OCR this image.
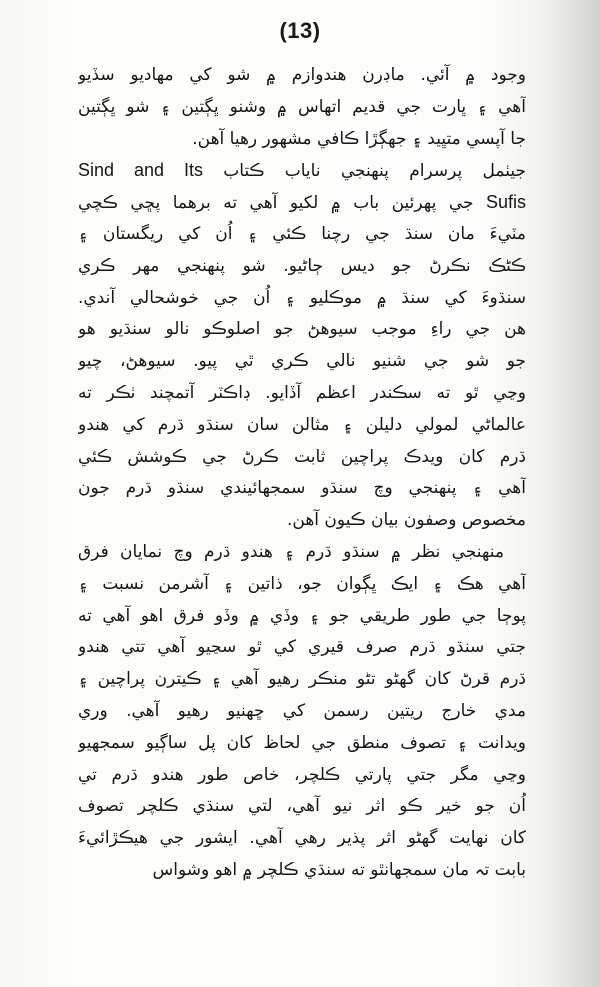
(13)
وجود ۾ آئي. ماڊرن هندوازم ۾ شو کي مهاديو سڏيو
آهي ۽ ڀارت جي قديم اتهاس ۾ وشنو ڀڳتين ۽ شو ڀڳتين
جا آپسي متڀيد ۽ جهڳڙا ڪافي مشهور رهيا آهن.
جيٺمل پرسرام پنهنجي ناياب ڪتاب Sind and Its
Sufis جي پهرئين باب ۾ لکيو آهي ته برهما پڇي ڪچي
مٽيءَ مان سنڌ جي رچنا ڪئي ۽ اُن کي ريگستان ۽
ڪڻڪ نڪرڻ جو ديس ڄاڻيو. شو پنهنجي مهر ڪري
سنڌوءَ کي سنڌ ۾ موڪليو ۽ اُن جي خوشحالي آندي.
هن جي راءِ موجب سيوهڻ جو اصلوڪو نالو سنڌيو هو
جو شو جي شنيو نالي ڪري ٿي پيو. سيوهڻ، چيو
وڃي ٿو ته سڪندر اعظم آڏايو. ڊاڪٽر آتمچند ٺڪر ته
عالماڻي لمولي دليلن ۽ مثالن سان سنڌو ڌرم کي هندو
ڌرم کان ويدڪ پراچين ثابت ڪرڻ جي ڪوشش ڪئي
آهي ۽ پنهنجي وچ سنڌو سمجهائيندي سنڌو ڌرم جون
مخصوص وصفون بيان ڪيون آهن.
منهنجي نظر ۾ سنڌو ڌرم ۽ هندو ڌرم وچ نمايان فرق
آهي هڪ ۽ ايڪ ڀڳوان جو، ذاتين ۽ آشرمن نسبت ۽
پوڄا جي طور طريقي جو ۽ وڏي ۾ وڏو فرق اهو آهي ته
جتي سنڌو ڌرم صرف قيري کي ٿو سڃيو آهي تتي هندو
ڌرم قرڻ کان گهڻو تڻو منڪر رهيو آهي ۽ ڪيترن پراچين ۽
مدي خارج ريتين رسمن کي ڇهنيو رهيو آهي. وري
ويدانت ۽ تصوف منطق جي لحاظ کان پل ساڳيو سمجهيو
وڃي مگر جتي پارتي ڪلچر، خاص طور هندو ڌرم تي
اُن جو خير ڪو اثر نيو آهي، لتي سنڌي ڪلچر تصوف
کان نهايت گهڻو اثر پذير رهي آهي. ايشور جي هيڪڙائيءَ
بابت تہ مان سمجهانٿو ته سنڌي ڪلچر ۾ اهو وشواس
